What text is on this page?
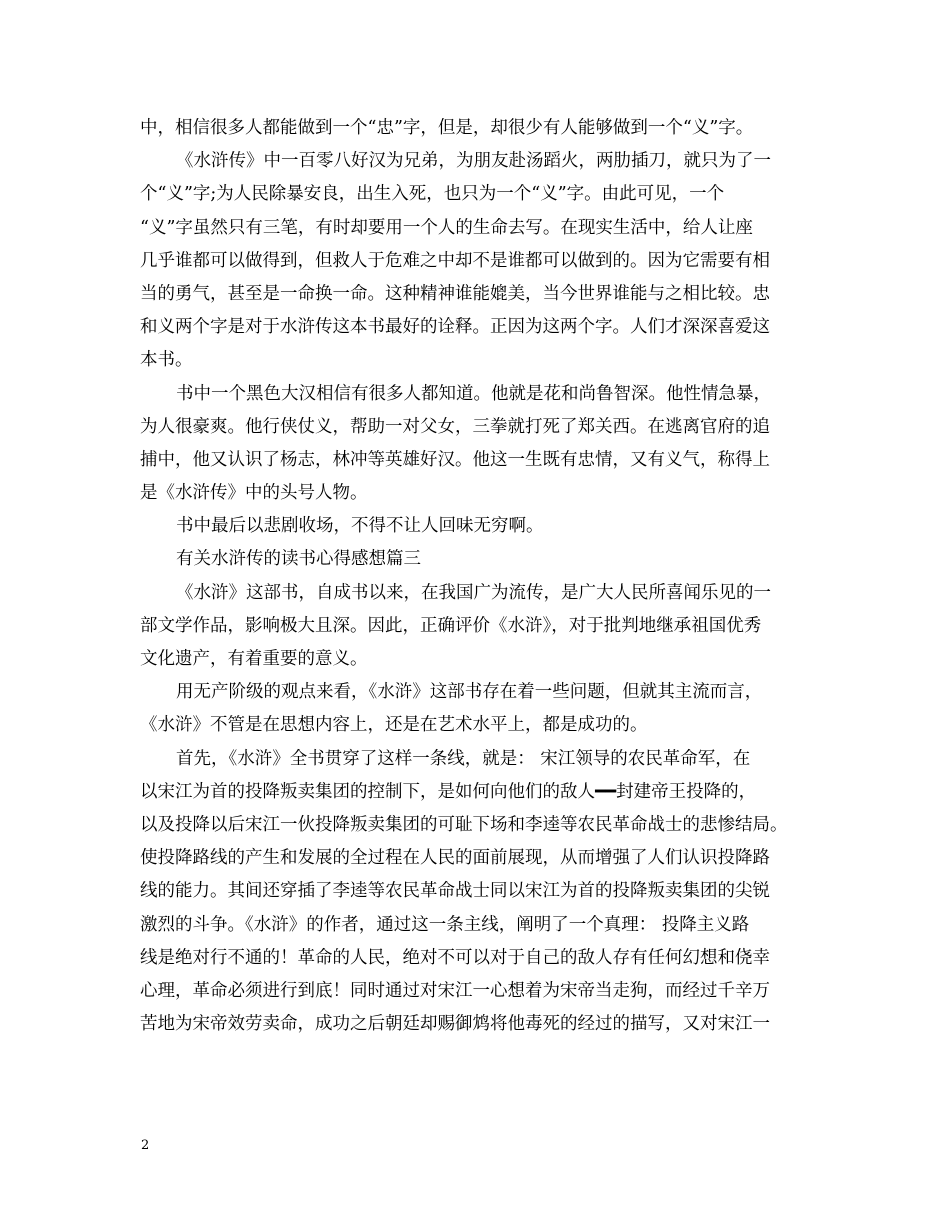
中，相信很多人都能做到一个“忠”字，但是，却很少有人能够做到一个“义”字。
《水浒传》中一百零八好汉为兄弟，为朋友赴汤蹈火，两肋插刀，就只为了一
个“义”字;为人民除暴安良，出生入死，也只为一个“义”字。由此可见，一个
“义”字虽然只有三笔，有时却要用一个人的生命去写。在现实生活中，给人让座
几乎谁都可以做得到，但救人于危难之中却不是谁都可以做到的。因为它需要有相
当的勇气，甚至是一命换一命。这种精神谁能媲美，当今世界谁能与之相比较。忠
和义两个字是对于水浒传这本书最好的诠释。正因为这两个字。人们才深深喜爱这
本书。
书中一个黑色大汉相信有很多人都知道。他就是花和尚鲁智深。他性情急暴，
为人很豪爽。他行侠仗义，帮助一对父女，三拳就打死了郑关西。在逃离官府的追
捕中，他又认识了杨志，林冲等英雄好汉。他这一生既有忠情，又有义气，称得上
是《水浒传》中的头号人物。
书中最后以悲剧收场，不得不让人回味无穷啊。
有关水浒传的读书心得感想篇三
《水浒》这部书，自成书以来，在我国广为流传，是广大人民所喜闻乐见的一
部文学作品，影响极大且深。因此，正确评价《水浒》，对于批判地继承祖国优秀
文化遗产，有着重要的意义。
用无产阶级的观点来看，《水浒》这部书存在着一些问题，但就其主流而言，
《水浒》不管是在思想内容上，还是在艺术水平上，都是成功的。
首先，《水浒》全书贯穿了这样一条线，就是： 宋江领导的农民革命军，在
以宋江为首的投降叛卖集团的控制下，是如何向他们的敌人━━封建帝王投降的，
以及投降以后宋江一伙投降叛卖集团的可耻下场和李逵等农民革命战士的悲惨结局。
使投降路线的产生和发展的全过程在人民的面前展现，从而增强了人们认识投降路
线的能力。其间还穿插了李逵等农民革命战士同以宋江为首的投降叛卖集团的尖锐
激烈的斗争。《水浒》的作者，通过这一条主线，阐明了一个真理： 投降主义路
线是绝对行不通的！革命的人民，绝对不可以对于自己的敌人存有任何幻想和侥幸
心理，革命必须进行到底！同时通过对宋江一心想着为宋帝当走狗，而经过千辛万
苦地为宋帝效劳卖命，成功之后朝廷却赐御鸩将他毒死的经过的描写，又对宋江一
2
